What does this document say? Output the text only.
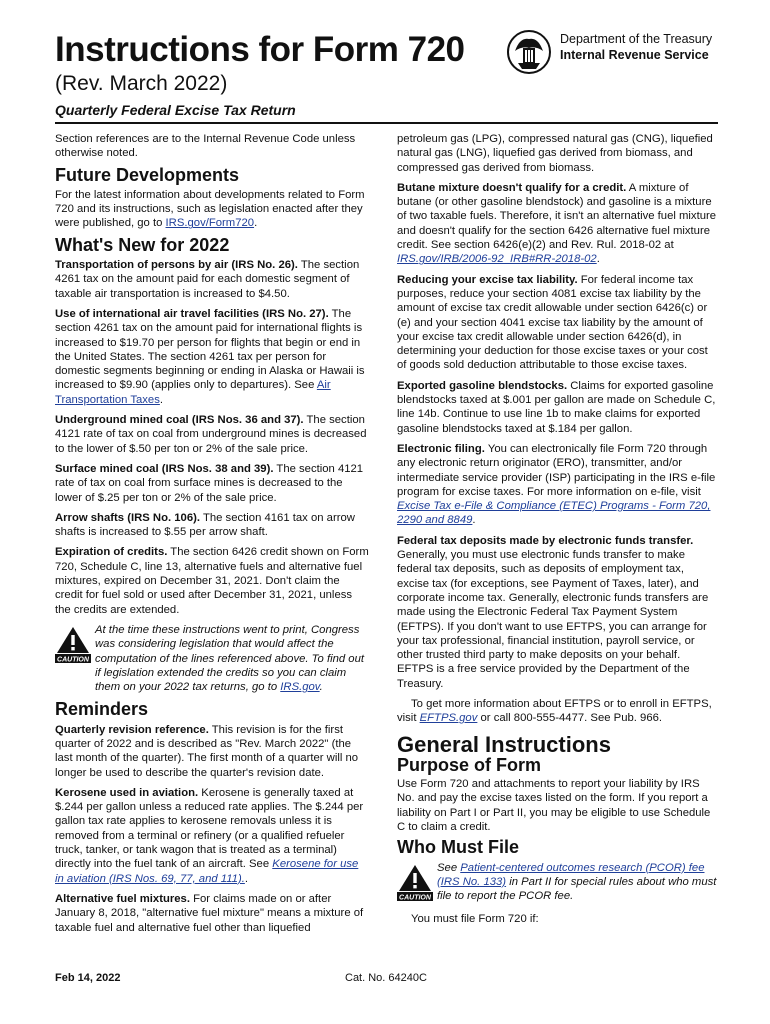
Instructions for Form 720
(Rev. March 2022)
Quarterly Federal Excise Tax Return
Department of the Treasury
Internal Revenue Service

Section references are to the Internal Revenue Code unless otherwise noted.

Future Developments

For the latest information about developments related to Form 720 and its instructions, such as legislation enacted after they were published, go to IRS.gov/Form720.

What's New for 2022

Transportation of persons by air (IRS No. 26). The section 4261 tax on the amount paid for each domestic segment of taxable air transportation is increased to $4.50.

Use of international air travel facilities (IRS No. 27). The section 4261 tax on the amount paid for international flights is increased to $19.70 per person for flights that begin or end in the United States. The section 4261 tax per person for domestic segments beginning or ending in Alaska or Hawaii is increased to $9.90 (applies only to departures). See Air Transportation Taxes.

Underground mined coal (IRS Nos. 36 and 37). The section 4121 rate of tax on coal from underground mines is decreased to the lower of $.50 per ton or 2% of the sale price.

Surface mined coal (IRS Nos. 38 and 39). The section 4121 rate of tax on coal from surface mines is decreased to the lower of $.25 per ton or 2% of the sale price.

Arrow shafts (IRS No. 106). The section 4161 tax on arrow shafts is increased to $.55 per arrow shaft.

Expiration of credits. The section 6426 credit shown on Form 720, Schedule C, line 13, alternative fuels and alternative fuel mixtures, expired on December 31, 2021. Don't claim the credit for fuel sold or used after December 31, 2021, unless the credits are extended.

CAUTION
At the time these instructions went to print, Congress was considering legislation that would affect the computation of the lines referenced above. To find out if legislation extended the credits so you can claim them on your 2022 tax returns, go to IRS.gov.
Reminders

Quarterly revision reference. This revision is for the first quarter of 2022 and is described as "Rev. March 2022" (the last month of the quarter). The first month of a quarter will no longer be used to describe the quarter's revision date.

Kerosene used in aviation. Kerosene is generally taxed at $.244 per gallon unless a reduced rate applies. The $.244 per gallon tax rate applies to kerosene removals unless it is removed from a terminal or refinery (or a qualified refueler truck, tanker, or tank wagon that is treated as a terminal) directly into the fuel tank of an aircraft. See Kerosene for use in aviation (IRS Nos. 69, 77, and 111)..

Alternative fuel mixtures. For claims made on or after January 8, 2018, "alternative fuel mixture" means a mixture of taxable fuel and alternative fuel other than liquefied

petroleum gas (LPG), compressed natural gas (CNG), liquefied natural gas (LNG), liquefied gas derived from biomass, and compressed gas derived from biomass.

Butane mixture doesn't qualify for a credit. A mixture of butane (or other gasoline blendstock) and gasoline is a mixture of two taxable fuels. Therefore, it isn't an alternative fuel mixture and doesn't qualify for the section 6426 alternative fuel mixture credit. See section 6426(e)(2) and Rev. Rul. 2018-02 at IRS.gov/IRB/2006-92_IRB#RR-2018-02.

Reducing your excise tax liability. For federal income tax purposes, reduce your section 4081 excise tax liability by the amount of excise tax credit allowable under section 6426(c) or (e) and your section 4041 excise tax liability by the amount of your excise tax credit allowable under section 6426(d), in determining your deduction for those excise taxes or your cost of goods sold deduction attributable to those excise taxes.

Exported gasoline blendstocks. Claims for exported gasoline blendstocks taxed at $.001 per gallon are made on Schedule C, line 14b. Continue to use line 1b to make claims for exported gasoline blendstocks taxed at $.184 per gallon.

Electronic filing. You can electronically file Form 720 through any electronic return originator (ERO), transmitter, and/or intermediate service provider (ISP) participating in the IRS e-file program for excise taxes. For more information on e-file, visit Excise Tax e-File & Compliance (ETEC) Programs - Form 720, 2290 and 8849.

Federal tax deposits made by electronic funds transfer. Generally, you must use electronic funds transfer to make federal tax deposits, such as deposits of employment tax, excise tax (for exceptions, see Payment of Taxes, later), and corporate income tax. Generally, electronic funds transfers are made using the Electronic Federal Tax Payment System (EFTPS). If you don't want to use EFTPS, you can arrange for your tax professional, financial institution, payroll service, or other trusted third party to make deposits on your behalf. EFTPS is a free service provided by the Department of the Treasury.

To get more information about EFTPS or to enroll in EFTPS, visit EFTPS.gov or call 800-555-4477. See Pub. 966.

General Instructions
Purpose of Form

Use Form 720 and attachments to report your liability by IRS No. and pay the excise taxes listed on the form. If you report a liability on Part I or Part II, you may be eligible to use Schedule C to claim a credit.

Who Must File
CAUTION
See Patient-centered outcomes research (PCOR) fee (IRS No. 133) in Part II for special rules about who must file to report the PCOR fee.

You must file Form 720 if:

Feb 14, 2022	Cat. No. 64240C
